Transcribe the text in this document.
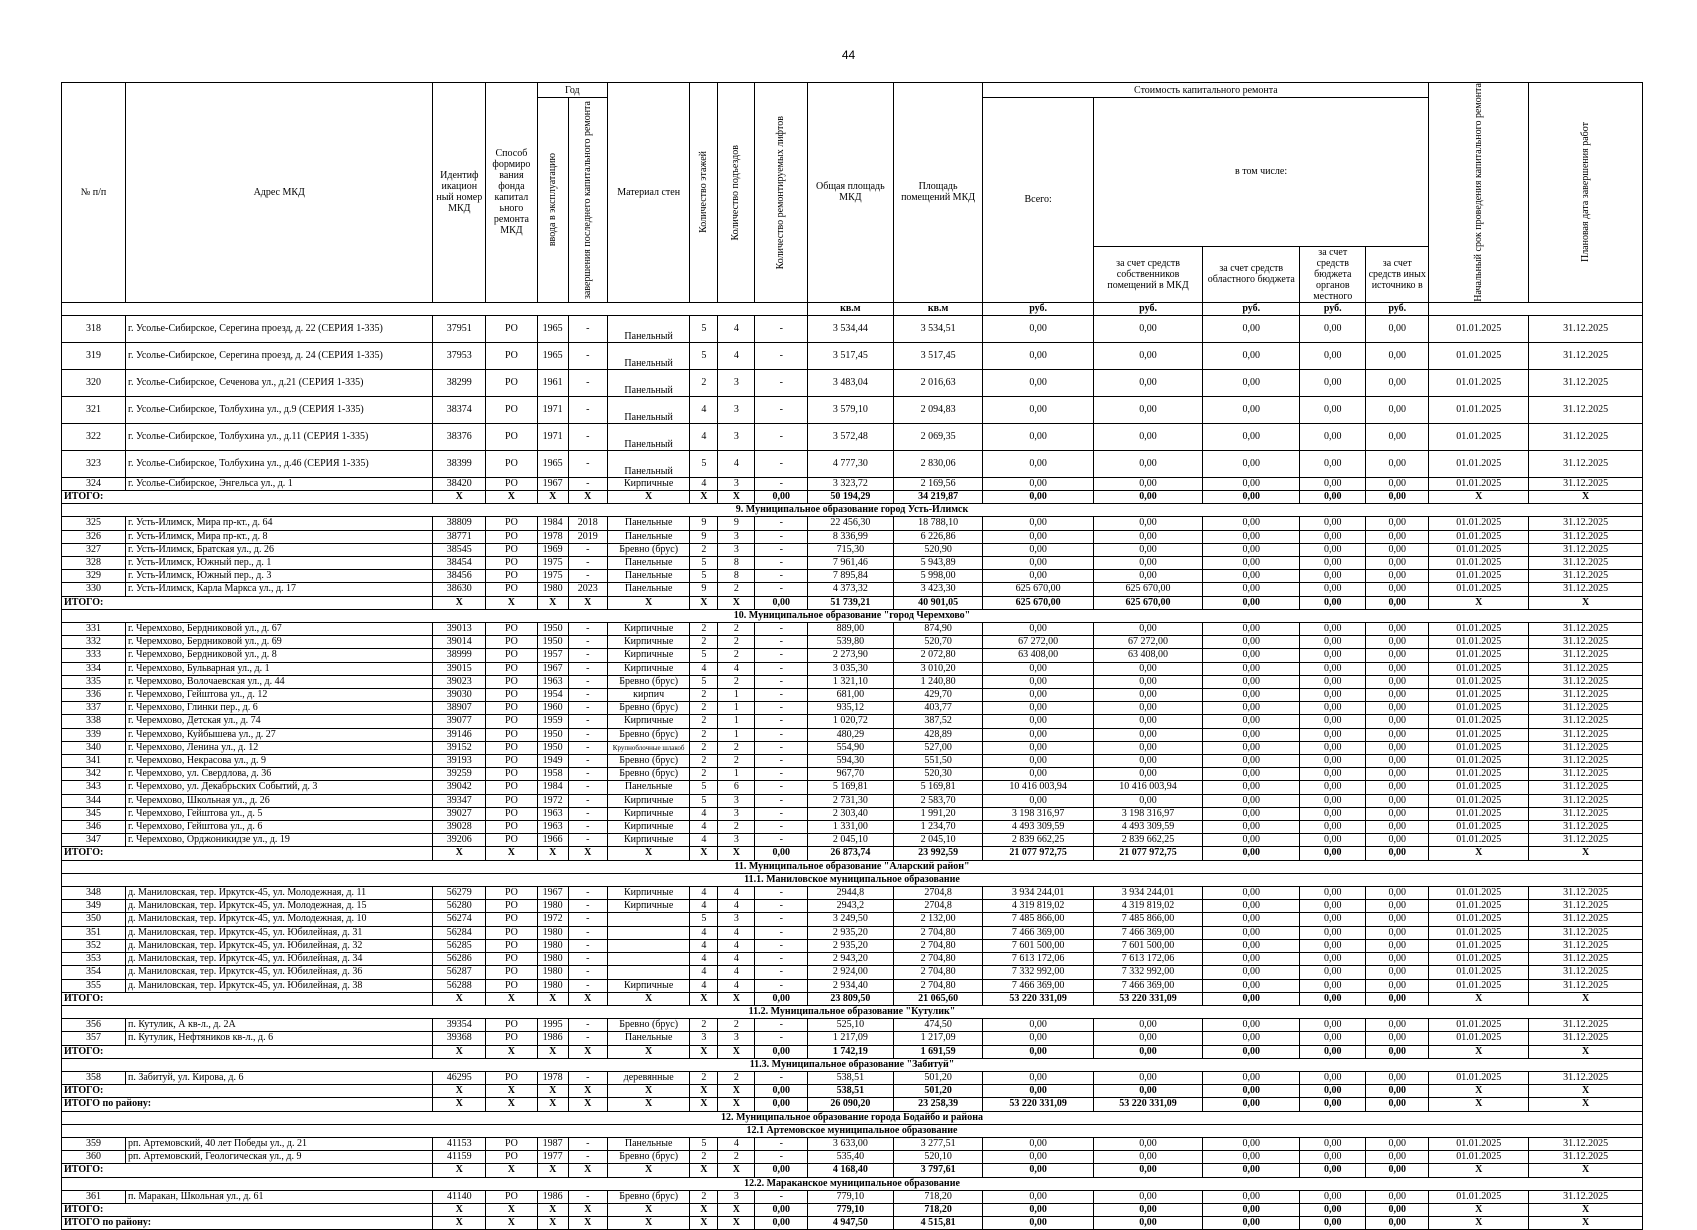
44
№ п/п	Адрес МКД	Идентиф икацион ный номер МКД	Способ формиро вания фонда капитал ьного ремонта МКД	Год		Материал стен	Количество этажей	Количество подъездов	Количество ремонтируемых лифтов	Общая площадь МКД	Площадь помещений МКД	Стоимость капитального ремонта					Начальный срок проведения капитального ремонта	Плановая дата завершения работ

				ввода в эксплуатацию	завершения последнего капитального ремонта							Всего:	в том числе:					
													за счет средств собственников помещений в МКД	за счет средств областного бюджета	за счет средств бюджета органов местного	за счет средств иных источнико в		
										кв.м	кв.м	руб.	руб.	руб.	руб.	руб.		
318	г. Усолье-Сибирское, Серегина проезд, д. 22 (СЕРИЯ 1-335)	37951	РО	1965	-	Панельный	5	4	-	3 534,44	3 534,51	0,00	0,00	0,00	0,00	0,00	01.01.2025	31.12.2025
319	г. Усолье-Сибирское, Серегина проезд, д. 24 (СЕРИЯ 1-335)	37953	РО	1965	-	Панельный	5	4	-	3 517,45	3 517,45	0,00	0,00	0,00	0,00	0,00	01.01.2025	31.12.2025
320	г. Усолье-Сибирское, Сеченова ул., д.21 (СЕРИЯ 1-335)	38299	РО	1961	-	Панельный	2	3	-	3 483,04	2 016,63	0,00	0,00	0,00	0,00	0,00	01.01.2025	31.12.2025
321	г. Усолье-Сибирское, Толбухина ул., д.9 (СЕРИЯ 1-335)	38374	РО	1971	-	Панельный	4	3	-	3 579,10	2 094,83	0,00	0,00	0,00	0,00	0,00	01.01.2025	31.12.2025
322	г. Усолье-Сибирское, Толбухина ул., д.11 (СЕРИЯ 1-335)	38376	РО	1971	-	Панельный	4	3	-	3 572,48	2 069,35	0,00	0,00	0,00	0,00	0,00	01.01.2025	31.12.2025
323	г. Усолье-Сибирское, Толбухина ул., д.46 (СЕРИЯ 1-335)	38399	РО	1965	-	Панельный	5	4	-	4 777,30	2 830,06	0,00	0,00	0,00	0,00	0,00	01.01.2025	31.12.2025
324	г. Усолье-Сибирское, Энгельса ул., д. 1	38420	РО	1967	-	Кирпичные	4	3	-	3 323,72	2 169,56	0,00	0,00	0,00	0,00	0,00	01.01.2025	31.12.2025
ИТОГО:		X	X	X	X	X	X	X	0,00	50 194,29	34 219,87	0,00	0,00	0,00	0,00	0,00	X	X
9. Муниципальное образование город Усть-Илимск																		
325	г. Усть-Илимск, Мира пр-кт., д. 64	38809	РО	1984	2018	Панельные	9	9	-	22 456,30	18 788,10	0,00	0,00	0,00	0,00	0,00	01.01.2025	31.12.2025
326	г. Усть-Илимск, Мира пр-кт., д. 8	38771	РО	1978	2019	Панельные	9	3	-	8 336,99	6 226,86	0,00	0,00	0,00	0,00	0,00	01.01.2025	31.12.2025
327	г. Усть-Илимск, Братская ул., д. 26	38545	РО	1969	-	Бревно (брус)	2	3	-	715,30	520,90	0,00	0,00	0,00	0,00	0,00	01.01.2025	31.12.2025
328	г. Усть-Илимск, Южный пер., д. 1	38454	РО	1975	-	Панельные	5	8	-	7 961,46	5 943,89	0,00	0,00	0,00	0,00	0,00	01.01.2025	31.12.2025
329	г. Усть-Илимск, Южный пер., д. 3	38456	РО	1975	-	Панельные	5	8	-	7 895,84	5 998,00	0,00	0,00	0,00	0,00	0,00	01.01.2025	31.12.2025
330	г. Усть-Илимск, Карла Маркса ул., д. 17	38630	РО	1980	2023	Панельные	9	2	-	4 373,32	3 423,30	625 670,00	625 670,00	0,00	0,00	0,00	01.01.2025	31.12.2025
ИТОГО:		X	X	X	X	X	X	X	0,00	51 739,21	40 901,05	625 670,00	625 670,00	0,00	0,00	0,00	X	X
10. Муниципальное образование "город Черемхово"																		
331	г. Черемхово, Бердниковой ул., д. 67	39013	РО	1950	-	Кирпичные	2	2	-	889,00	874,90	0,00	0,00	0,00	0,00	0,00	01.01.2025	31.12.2025
332	г. Черемхово, Бердниковой ул., д. 69	39014	РО	1950	-	Кирпичные	2	2	-	539,80	520,70	67 272,00	67 272,00	0,00	0,00	0,00	01.01.2025	31.12.2025
333	г. Черемхово, Бердниковой ул., д. 8	38999	РО	1957	-	Кирпичные	5	2	-	2 273,90	2 072,80	63 408,00	63 408,00	0,00	0,00	0,00	01.01.2025	31.12.2025
334	г. Черемхово, Бульварная ул., д. 1	39015	РО	1967	-	Кирпичные	4	4	-	3 035,30	3 010,20	0,00	0,00	0,00	0,00	0,00	01.01.2025	31.12.2025
335	г. Черемхово, Волочаевская ул., д. 44	39023	РО	1963	-	Бревно (брус)	5	2	-	1 321,10	1 240,80	0,00	0,00	0,00	0,00	0,00	01.01.2025	31.12.2025
336	г. Черемхово, Гейштова ул., д. 12	39030	РО	1954	-	кирпич	2	1	-	681,00	429,70	0,00	0,00	0,00	0,00	0,00	01.01.2025	31.12.2025
337	г. Черемхово, Глинки пер., д. 6	38907	РО	1960	-	Бревно (брус)	2	1	-	935,12	403,77	0,00	0,00	0,00	0,00	0,00	01.01.2025	31.12.2025
338	г. Черемхово, Детская ул., д. 74	39077	РО	1959	-	Кирпичные	2	1	-	1 020,72	387,52	0,00	0,00	0,00	0,00	0,00	01.01.2025	31.12.2025
339	г. Черемхово, Куйбышева ул., д. 27	39146	РО	1950	-	Бревно (брус)	2	1	-	480,29	428,89	0,00	0,00	0,00	0,00	0,00	01.01.2025	31.12.2025
340	г. Черемхово, Ленина ул., д. 12	39152	РО	1950	-	Крупноблочные шлакоб	2	2	-	554,90	527,00	0,00	0,00	0,00	0,00	0,00	01.01.2025	31.12.2025
341	г. Черемхово, Некрасова ул., д. 9	39193	РО	1949	-	Бревно (брус)	2	2	-	594,30	551,50	0,00	0,00	0,00	0,00	0,00	01.01.2025	31.12.2025
342	г. Черемхово, ул. Свердлова, д. 36	39259	РО	1958	-	Бревно (брус)	2	1	-	967,70	520,30	0,00	0,00	0,00	0,00	0,00	01.01.2025	31.12.2025
343	г. Черемхово, ул. Декабрьских Событий, д. 3	39042	РО	1984	-	Панельные	5	6	-	5 169,81	5 169,81	10 416 003,94	10 416 003,94	0,00	0,00	0,00	01.01.2025	31.12.2025
344	г. Черемхово, Школьная ул., д. 26	39347	РО	1972	-	Кирпичные	5	3	-	2 731,30	2 583,70	0,00	0,00	0,00	0,00	0,00	01.01.2025	31.12.2025
345	г. Черемхово, Гейштова ул., д. 5	39027	РО	1963	-	Кирпичные	4	3	-	2 303,40	1 991,20	3 198 316,97	3 198 316,97	0,00	0,00	0,00	01.01.2025	31.12.2025
346	г. Черемхово, Гейштова ул., д. 6	39028	РО	1963	-	Кирпичные	4	2	-	1 331,00	1 234,70	4 493 309,59	4 493 309,59	0,00	0,00	0,00	01.01.2025	31.12.2025
347	г. Черемхово, Орджоникидзе ул., д. 19	39206	РО	1966	-	Кирпичные	4	3	-	2 045,10	2 045,10	2 839 662,25	2 839 662,25	0,00	0,00	0,00	01.01.2025	31.12.2025
ИТОГО:		X	X	X	X	X	X	X	0,00	26 873,74	23 992,59	21 077 972,75	21 077 972,75	0,00	0,00	0,00	X	X
11. Муниципальное образование "Аларский район"																		
11.1. Маниловское муниципальное образование																		
348	д. Маниловская, тер. Иркутск-45, ул. Молодежная, д. 11	56279	РО	1967	-	Кирпичные	4	4	-	2944,8	2704,8	3 934 244,01	3 934 244,01	0,00	0,00	0,00	01.01.2025	31.12.2025
349	д. Маниловская, тер. Иркутск-45, ул. Молодежная, д. 15	56280	РО	1980	-	Кирпичные	4	4	-	2943,2	2704,8	4 319 819,02	4 319 819,02	0,00	0,00	0,00	01.01.2025	31.12.2025
350	д. Маниловская, тер. Иркутск-45, ул. Молодежная, д. 10	56274	РО	1972	-		5	3	-	3 249,50	2 132,00	7 485 866,00	7 485 866,00	0,00	0,00	0,00	01.01.2025	31.12.2025
351	д. Маниловская, тер. Иркутск-45, ул. Юбилейная, д. 31	56284	РО	1980	-		4	4	-	2 935,20	2 704,80	7 466 369,00	7 466 369,00	0,00	0,00	0,00	01.01.2025	31.12.2025
352	д. Маниловская, тер. Иркутск-45, ул. Юбилейная, д. 32	56285	РО	1980	-		4	4	-	2 935,20	2 704,80	7 601 500,00	7 601 500,00	0,00	0,00	0,00	01.01.2025	31.12.2025
353	д. Маниловская, тер. Иркутск-45, ул. Юбилейная, д. 34	56286	РО	1980	-		4	4	-	2 943,20	2 704,80	7 613 172,06	7 613 172,06	0,00	0,00	0,00	01.01.2025	31.12.2025
354	д. Маниловская, тер. Иркутск-45, ул. Юбилейная, д. 36	56287	РО	1980	-		4	4	-	2 924,00	2 704,80	7 332 992,00	7 332 992,00	0,00	0,00	0,00	01.01.2025	31.12.2025
355	д. Маниловская, тер. Иркутск-45, ул. Юбилейная, д. 38	56288	РО	1980	-	Кирпичные	4	4	-	2 934,40	2 704,80	7 466 369,00	7 466 369,00	0,00	0,00	0,00	01.01.2025	31.12.2025
ИТОГО:		X	X	X	X	X	X	X	0,00	23 809,50	21 065,60	53 220 331,09	53 220 331,09	0,00	0,00	0,00	X	X
11.2. Муниципальное образование "Кутулик"																		
356	п. Кутулик, А кв-л., д. 2А	39354	РО	1995	-	Бревно (брус)	2	2	-	525,10	474,50	0,00	0,00	0,00	0,00	0,00	01.01.2025	31.12.2025
357	п. Кутулик, Нефтяников кв-л., д. 6	39368	РО	1986	-	Панельные	3	3	-	1 217,09	1 217,09	0,00	0,00	0,00	0,00	0,00	01.01.2025	31.12.2025
ИТОГО:		X	X	X	X	X	X	X	0,00	1 742,19	1 691,59	0,00	0,00	0,00	0,00	0,00	X	X
11.3. Муниципальное образование "Забитуй"																		
358	п. Забитуй, ул. Кирова, д. 6	46295	РО	1978	-	деревянные	2	2	-	538,51	501,20	0,00	0,00	0,00	0,00	0,00	01.01.2025	31.12.2025
ИТОГО:		X	X	X	X	X	X	X	0,00	538,51	501,20	0,00	0,00	0,00	0,00	0,00	X	X
ИТОГО по району:		X	X	X	X	X	X	X	0,00	26 090,20	23 258,39	53 220 331,09	53 220 331,09	0,00	0,00	0,00	X	X
12. Муниципальное образование города Бодайбо и района																		
12.1 Артемовское муниципальное образование																		
359	рп. Артемовский, 40 лет Победы ул., д. 21	41153	РО	1987	-	Панельные	5	4	-	3 633,00	3 277,51	0,00	0,00	0,00	0,00	0,00	01.01.2025	31.12.2025
360	рп. Артемовский, Геологическая ул., д. 9	41159	РО	1977	-	Бревно (брус)	2	2	-	535,40	520,10	0,00	0,00	0,00	0,00	0,00	01.01.2025	31.12.2025
ИТОГО:		X	X	X	X	X	X	X	0,00	4 168,40	3 797,61	0,00	0,00	0,00	0,00	0,00	X	X
12.2. Мараканское муниципальное образование																		
361	п. Маракан, Школьная ул., д. 61	41140	РО	1986	-	Бревно (брус)	2	3	-	779,10	718,20	0,00	0,00	0,00	0,00	0,00	01.01.2025	31.12.2025
ИТОГО:		X	X	X	X	X	X	X	0,00	779,10	718,20	0,00	0,00	0,00	0,00	0,00	X	X
ИТОГО по району:		X	X	X	X	X	X	X	0,00	4 947,50	4 515,81	0,00	0,00	0,00	0,00	0,00	X	X
